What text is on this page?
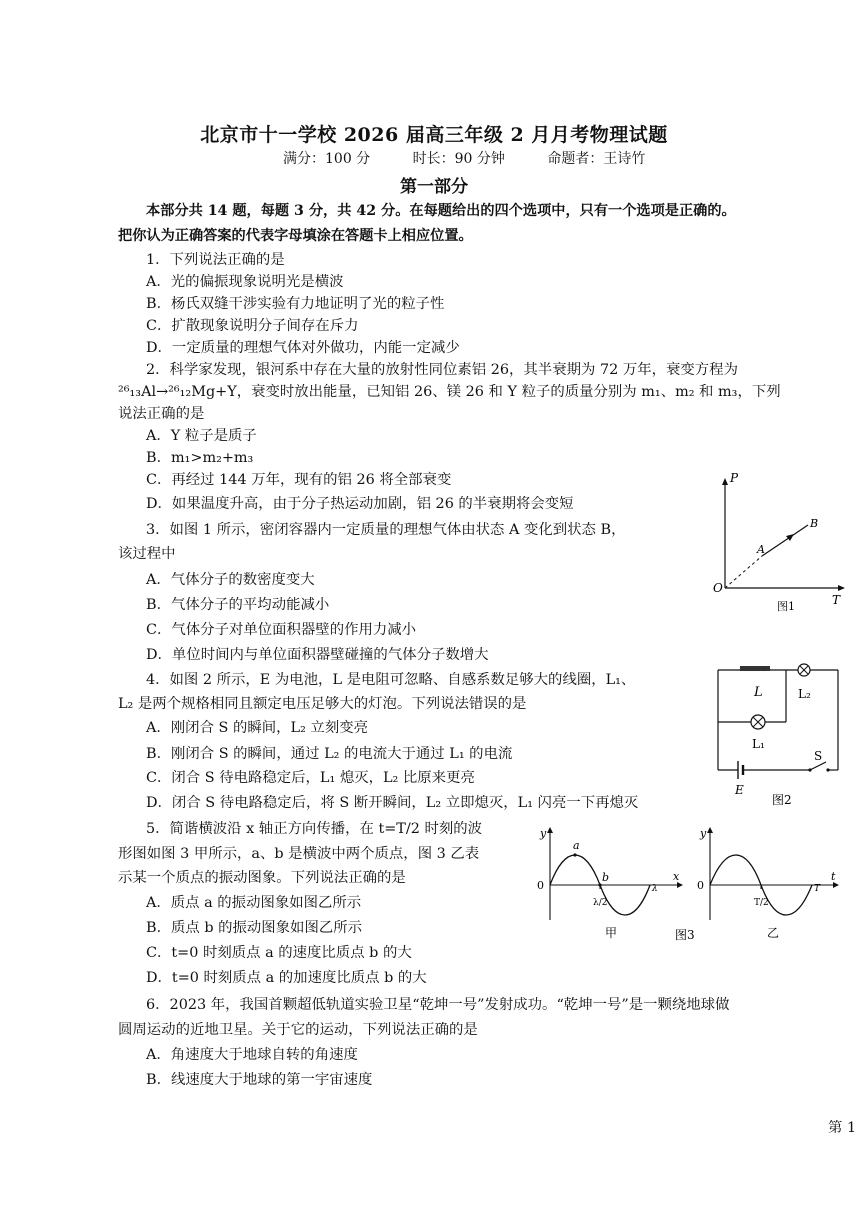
北京市十一学校 2026 届高三年级 2 月月考物理试题
满分：100 分	时长：90 分钟	命题者：王诗竹
第一部分
本部分共 14 题，每题 3 分，共 42 分。在每题给出的四个选项中，只有一个选项是正确的。
把你认为正确答案的代表字母填涂在答题卡上相应位置。
1．下列说法正确的是
A．光的偏振现象说明光是横波
B．杨氏双缝干涉实验有力地证明了光的粒子性
C．扩散现象说明分子间存在斥力
D．一定质量的理想气体对外做功，内能一定减少
2．科学家发现，银河系中存在大量的放射性同位素铝 26，其半衰期为 72 万年，衰变方程为
²⁶₁₃Al→²⁶₁₂Mg+Y，衰变时放出能量，已知铝 26、镁 26 和 Y 粒子的质量分别为 m₁、m₂ 和 m₃，下列
说法正确的是
A．Y 粒子是质子
B．m₁>m₂+m₃
C．再经过 144 万年，现有的铝 26 将全部衰变
D．如果温度升高，由于分子热运动加剧，铝 26 的半衰期将会变短
3．如图 1 所示，密闭容器内一定质量的理想气体由状态 A 变化到状态 B，
该过程中
A．气体分子的数密度变大
B．气体分子的平均动能减小
C．气体分子对单位面积器壁的作用力减小
D．单位时间内与单位面积器壁碰撞的气体分子数增大
4．如图 2 所示，E 为电池，L 是电阻可忽略、自感系数足够大的线圈，L₁、
L₂ 是两个规格相同且额定电压足够大的灯泡。下列说法错误的是
A．刚闭合 S 的瞬间，L₂ 立刻变亮
B．刚闭合 S 的瞬间，通过 L₂ 的电流大于通过 L₁ 的电流
C．闭合 S 待电路稳定后，L₁ 熄灭，L₂ 比原来更亮
D．闭合 S 待电路稳定后，将 S 断开瞬间，L₂ 立即熄灭，L₁ 闪亮一下再熄灭
5．简谐横波沿 x 轴正方向传播，在 t=T/2 时刻的波
形图如图 3 甲所示，a、b 是横波中两个质点，图 3 乙表
示某一个质点的振动图象。下列说法正确的是
A．质点 a 的振动图象如图乙所示
B．质点 b 的振动图象如图乙所示
C．t=0 时刻质点 a 的速度比质点 b 的大
D．t=0 时刻质点 a 的加速度比质点 b 的大
6．2023 年，我国首颗超低轨道实验卫星“乾坤一号”发射成功。“乾坤一号”是一颗绕地球做
圆周运动的近地卫星。关于它的运动，下列说法正确的是
A．角速度大于地球自转的角速度
B．线速度大于地球的第一宇宙速度
P
T
O
A
B
图1
L	L₂
L₁
S
E
图2
y
x
0
a
b
λ/2
λ
甲	图3
y
t
0
T/2
T
乙
第 1
